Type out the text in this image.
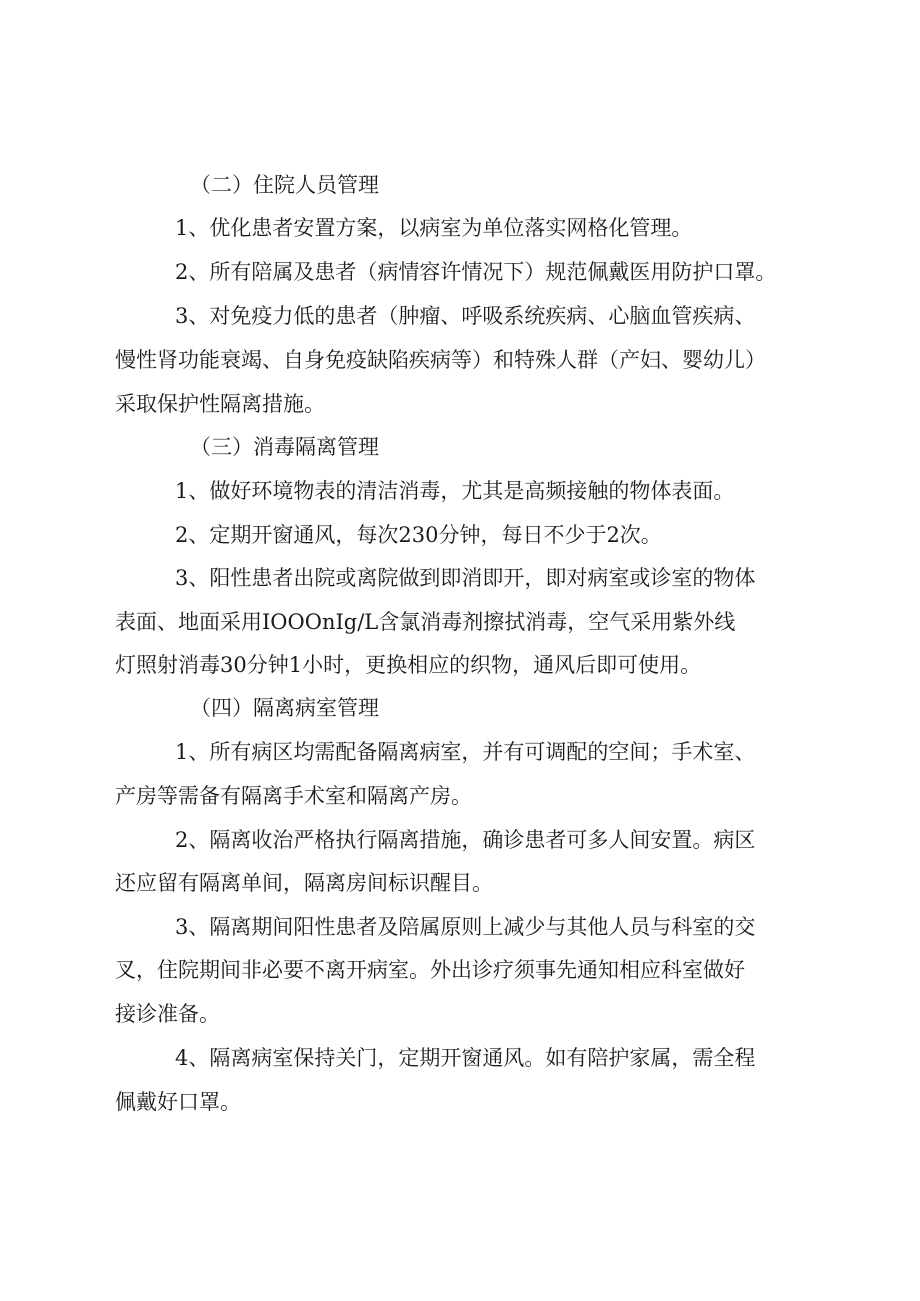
（二）住院人员管理
1、优化患者安置方案，以病室为单位落实网格化管理。
2、所有陪属及患者（病情容许情况下）规范佩戴医用防护口罩。
3、对免疫力低的患者（肿瘤、呼吸系统疾病、心脑血管疾病、
慢性肾功能衰竭、自身免疫缺陷疾病等）和特殊人群（产妇、婴幼儿）
采取保护性隔离措施。
（三）消毒隔离管理
1、做好环境物表的清洁消毒，尤其是高频接触的物体表面。
2、定期开窗通风，每次230分钟，每日不少于2次。
3、阳性患者出院或离院做到即消即开，即对病室或诊室的物体
表面、地面采用IOOOnIg/L含氯消毒剂擦拭消毒，空气采用紫外线
灯照射消毒30分钟1小时，更换相应的织物，通风后即可使用。
（四）隔离病室管理
1、所有病区均需配备隔离病室，并有可调配的空间；手术室、
产房等需备有隔离手术室和隔离产房。
2、隔离收治严格执行隔离措施，确诊患者可多人间安置。病区
还应留有隔离单间，隔离房间标识醒目。
3、隔离期间阳性患者及陪属原则上减少与其他人员与科室的交
叉，住院期间非必要不离开病室。外出诊疗须事先通知相应科室做好
接诊准备。
4、隔离病室保持关门，定期开窗通风。如有陪护家属，需全程
佩戴好口罩。
